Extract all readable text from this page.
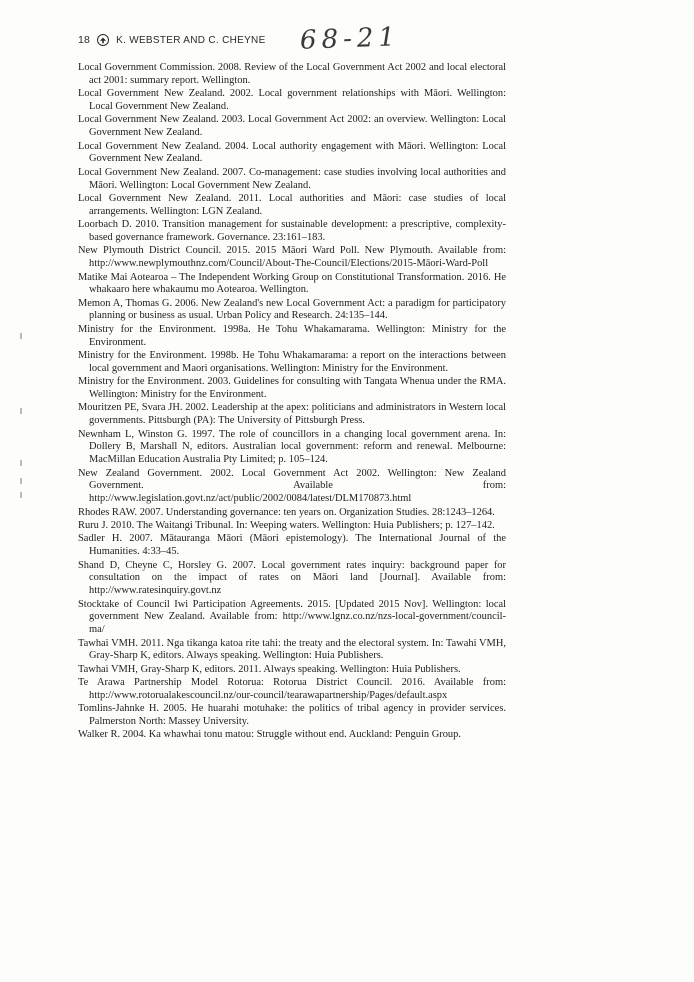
18	K. WEBSTER AND C. CHEYNE 68-21
Local Government Commission. 2008. Review of the Local Government Act 2002 and local electoral act 2001: summary report. Wellington.
Local Government New Zealand. 2002. Local government relationships with Māori. Wellington: Local Government New Zealand.
Local Government New Zealand. 2003. Local Government Act 2002: an overview. Wellington: Local Government New Zealand.
Local Government New Zealand. 2004. Local authority engagement with Māori. Wellington: Local Government New Zealand.
Local Government New Zealand. 2007. Co-management: case studies involving local authorities and Māori. Wellington: Local Government New Zealand.
Local Government New Zealand. 2011. Local authorities and Māori: case studies of local arrangements. Wellington: LGN Zealand.
Loorbach D. 2010. Transition management for sustainable development: a prescriptive, complexity-based governance framework. Governance. 23:161–183.
New Plymouth District Council. 2015. 2015 Māori Ward Poll. New Plymouth. Available from: http://www.newplymouthnz.com/Council/About-The-Council/Elections/2015-Māori-Ward-Poll
Matike Mai Aotearoa – The Independent Working Group on Constitutional Transformation. 2016. He whakaaro here whakaumu mo Aotearoa. Wellington.
Memon A, Thomas G. 2006. New Zealand's new Local Government Act: a paradigm for participatory planning or business as usual. Urban Policy and Research. 24:135–144.
Ministry for the Environment. 1998a. He Tohu Whakamarama. Wellington: Ministry for the Environment.
Ministry for the Environment. 1998b. He Tohu Whakamarama: a report on the interactions between local government and Maori organisations. Wellington: Ministry for the Environment.
Ministry for the Environment. 2003. Guidelines for consulting with Tangata Whenua under the RMA. Wellington: Ministry for the Environment.
Mouritzen PE, Svara JH. 2002. Leadership at the apex: politicians and administrators in Western local governments. Pittsburgh (PA): The University of Pittsburgh Press.
Newnham L, Winston G. 1997. The role of councillors in a changing local government arena. In: Dollery B, Marshall N, editors. Australian local government: reform and renewal. Melbourne: MacMillan Education Australia Pty Limited; p. 105–124.
New Zealand Government. 2002. Local Government Act 2002. Wellington: New Zealand Government. Available from: http://www.legislation.govt.nz/act/public/2002/0084/latest/DLM170873.html
Rhodes RAW. 2007. Understanding governance: ten years on. Organization Studies. 28:1243–1264.
Ruru J. 2010. The Waitangi Tribunal. In: Weeping waters. Wellington: Huia Publishers; p. 127–142.
Sadler H. 2007. Mātauranga Māori (Māori epistemology). The International Journal of the Humanities. 4:33–45.
Shand D, Cheyne C, Horsley G. 2007. Local government rates inquiry: background paper for consultation on the impact of rates on Māori land [Journal]. Available from: http://www.ratesinquiry.govt.nz
Stocktake of Council Iwi Participation Agreements. 2015. [Updated 2015 Nov]. Wellington: local government New Zealand. Available from: http://www.lgnz.co.nz/nzs-local-government/council-ma/
Tawhai VMH. 2011. Nga tikanga katoa rite tahi: the treaty and the electoral system. In: Tawahi VMH, Gray-Sharp K, editors. Always speaking. Wellington: Huia Publishers.
Tawhai VMH, Gray-Sharp K, editors. 2011. Always speaking. Wellington: Huia Publishers.
Te Arawa Partnership Model Rotorua: Rotorua District Council. 2016. Available from: http://www.rotorualakescouncil.nz/our-council/tearawapartnership/Pages/default.aspx
Tomlins-Jahnke H. 2005. He huarahi motuhake: the politics of tribal agency in provider services. Palmerston North: Massey University.
Walker R. 2004. Ka whawhai tonu matou: Struggle without end. Auckland: Penguin Group.
